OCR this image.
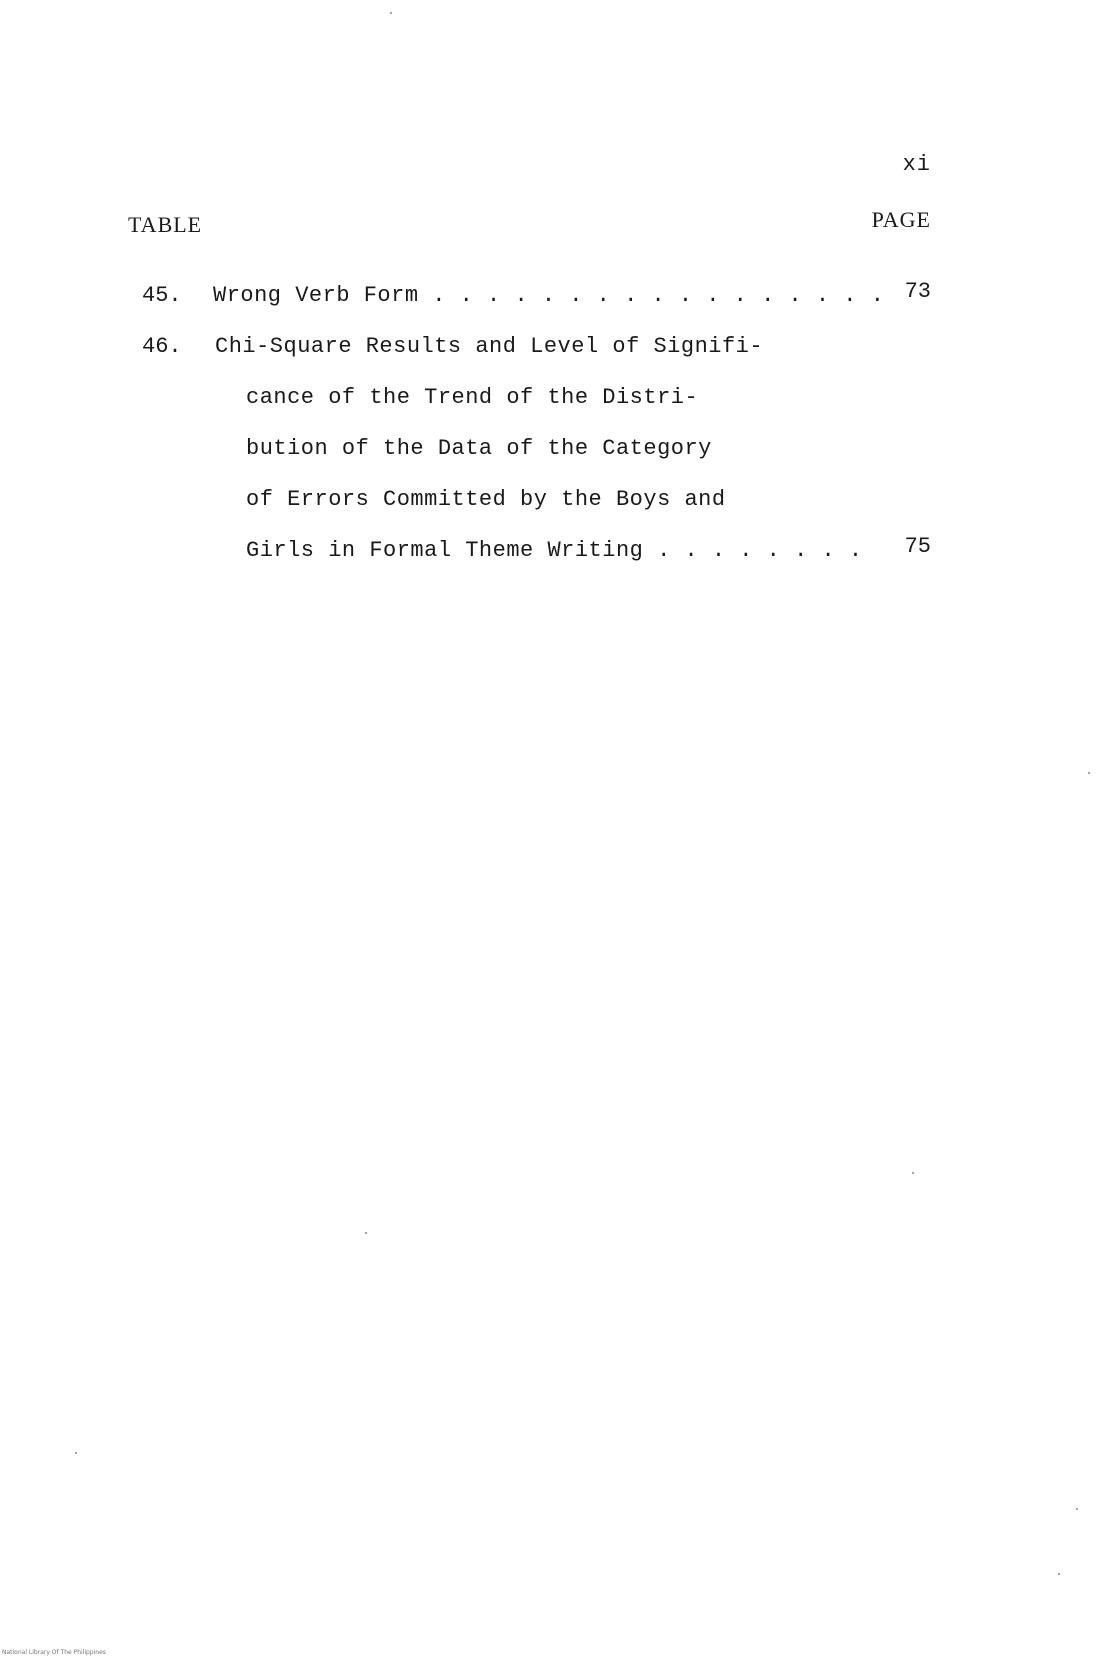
xi
TABLE	PAGE
45. Wrong Verb Form . . . . . . . . . . . . . . . . . 73
46. Chi-Square Results and Level of Signifi-
cance of the Trend of the Distri-
bution of the Data of the Category
of Errors Committed by the Boys and
Girls in Formal Theme Writing . . . . . . . . 75
National Library Of The Philippines
